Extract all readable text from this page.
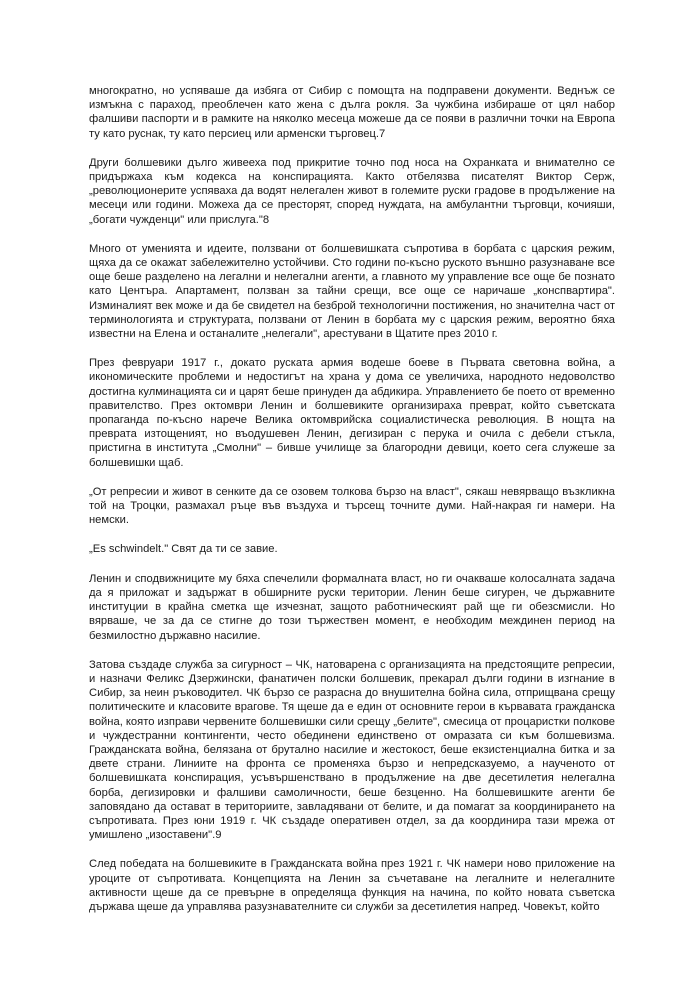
многократно, но успяваше да избяга от Сибир с помощта на подправени документи. Веднъж се измъкна с параход, преоблечен като жена с дълга рокля. За чужбина избираше от цял набор фалшиви паспорти и в рамките на няколко месеца можеше да се появи в различни точки на Европа ту като руснак, ту като персиец или арменски търговец.7

Други болшевики дълго живееха под прикритие точно под носа на Охранката и внимателно се придържаха към кодекса на конспирацията. Както отбелязва писателят Виктор Серж, „революционерите успяваха да водят нелегален живот в големите руски градове в продължение на месеци или години. Можеха да се престорят, според нуждата, на амбулантни търговци, кочияши, „богати чужденци" или прислуга."8

Много от уменията и идеите, ползвани от болшевишката съпротива в борбата с царския режим, щяха да се окажат забележително устойчиви. Сто години по-късно руското външно разузнаване все още беше разделено на легални и нелегални агенти, а главното му управление все още бе познато като Центъра. Апартамент, ползван за тайни срещи, все още се наричаше „конспвартира". Изминалият век може и да бе свидетел на безброй технологични постижения, но значителна част от терминологията и структурата, ползвани от Ленин в борбата му с царския режим, вероятно бяха известни на Елена и останалите „нелегали", арестувани в Щатите през 2010 г.

През февруари 1917 г., докато руската армия водеше боеве в Първата световна война, а икономическите проблеми и недостигът на храна у дома се увеличиха, народното недоволство достигна кулминацията си и царят беше принуден да абдикира. Управлението бе поето от временно правителство. През октомври Ленин и болшевиките организираха преврат, който съветската пропаганда по-късно нарече Велика октомврийска социалистическа революция. В нощта на преврата изтощеният, но въодушевен Ленин, дегизиран с перука и очила с дебели стъкла, пристигна в института „Смолни" – бивше училище за благородни девици, което сега служеше за болшевишки щаб.

„От репресии и живот в сенките да се озовем толкова бързо на власт", сякаш невярващо възкликна той на Троцки, размахал ръце във въздуха и търсещ точните думи. Най-накрая ги намери. На немски.

„Es schwindelt." Свят да ти се завие.

Ленин и сподвижниците му бяха спечелили формалната власт, но ги очакваше колосалната задача да я приложат и задържат в обширните руски територии. Ленин беше сигурен, че държавните институции в крайна сметка ще изчезнат, защото работническият рай ще ги обезсмисли. Но вярваше, че за да се стигне до този тържествен момент, е необходим междинен период на безмилостно държавно насилие.

Затова създаде служба за сигурност – ЧК, натоварена с организацията на предстоящите репресии, и назначи Феликс Дзержински, фанатичен полски болшевик, прекарал дълги години в изгнание в Сибир, за неин ръководител. ЧК бързо се разрасна до внушителна бойна сила, отприщвана срещу политическите и класовите врагове. Тя щеше да е един от основните герои в кървавата гражданска война, която изправи червените болшевишки сили срещу „белите", смесица от процаристки полкове и чуждестранни контингенти, често обединени единствено от омразата си към болшевизма. Гражданската война, белязана от брутално насилие и жестокост, беше екзистенциална битка и за двете страни. Линиите на фронта се променяха бързо и непредсказуемо, а наученото от болшевишката конспирация, усъвършенствано в продължение на две десетилетия нелегална борба, дегизировки и фалшиви самоличности, беше безценно. На болшевишките агенти бе заповядано да остават в териториите, завладявани от белите, и да помагат за координирането на съпротивата. През юни 1919 г. ЧК създаде оперативен отдел, за да координира тази мрежа от умишлено „изоставени".9

След победата на болшевиките в Гражданската война през 1921 г. ЧК намери ново приложение на уроците от съпротивата. Концепцията на Ленин за съчетаване на легалните и нелегалните активности щеше да се превърне в определяща функция на начина, по който новата съветска държава щеше да управлява разузнавателните си служби за десетилетия напред. Човекът, който
